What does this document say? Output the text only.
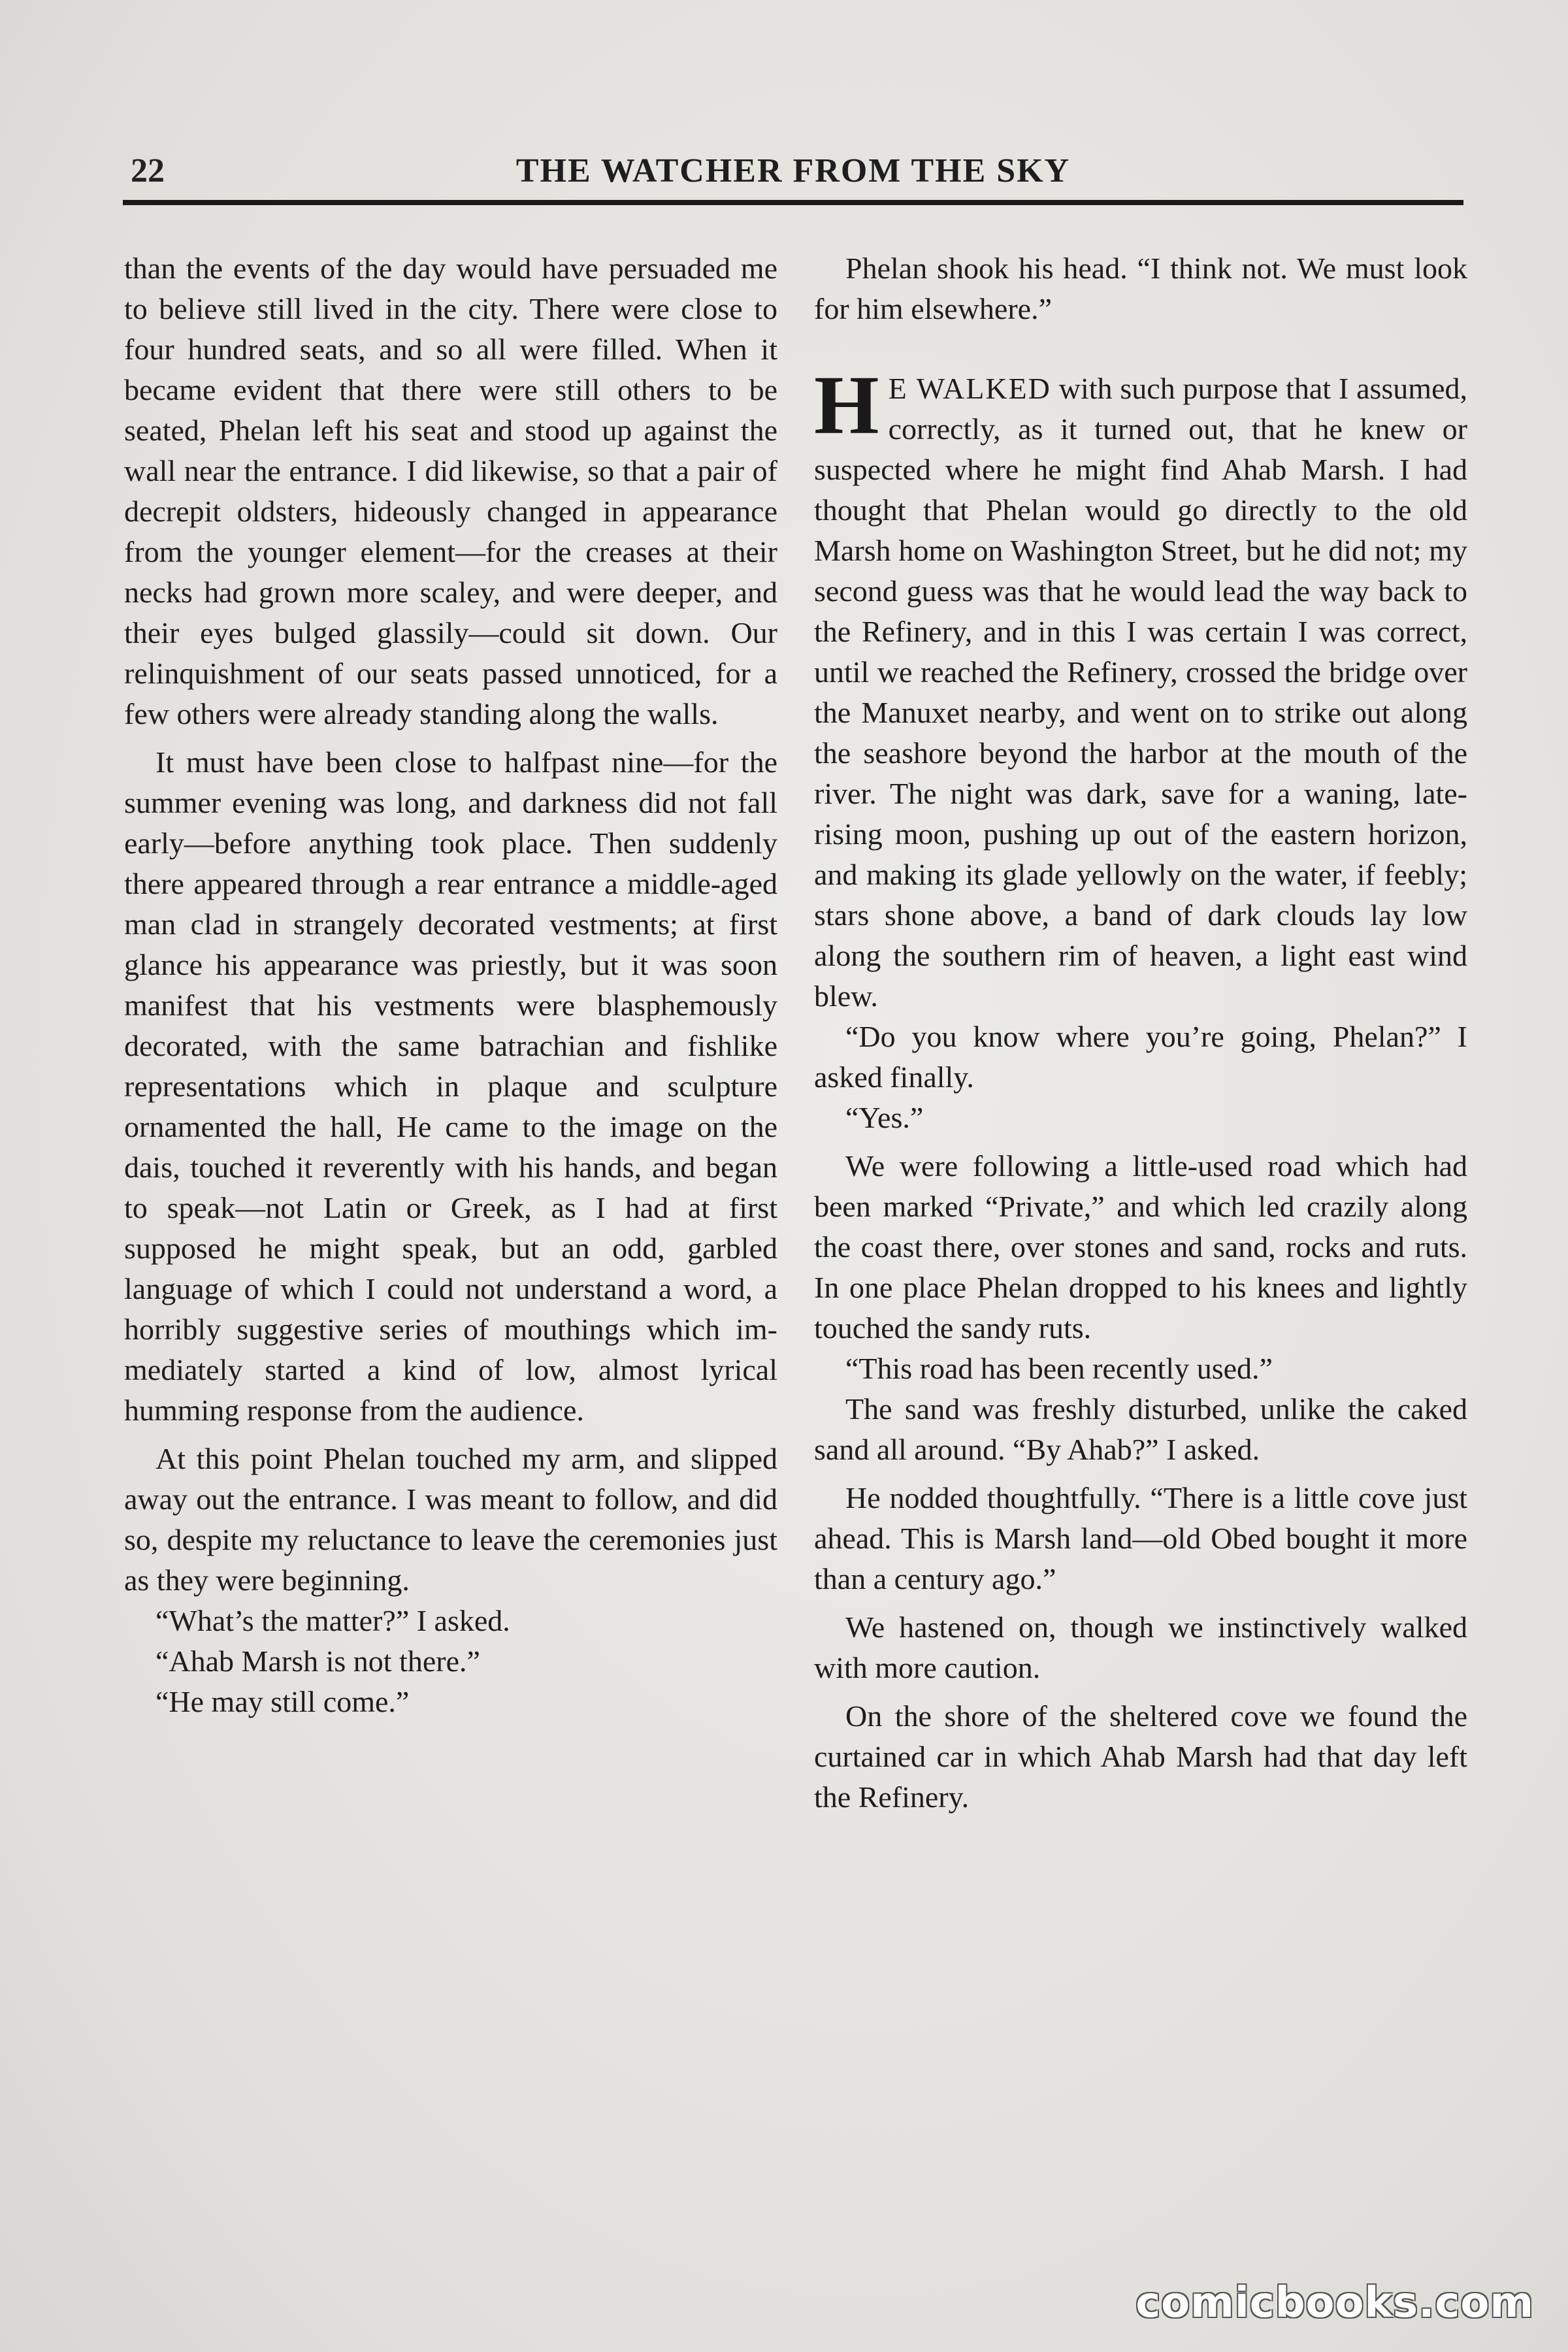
22	THE WATCHER FROM THE SKY

than the events of the day would have persuaded me to believe still lived in the city. There were close to four hundred seats, and so all were filled. When it became evident that there were still others to be seated, Phelan left his seat and stood up against the wall near the entrance. I did likewise, so that a pair of decrepit oldsters, hideously changed in appearance from the younger element—for the creases at their necks had grown more scaley, and were deeper, and their eyes bulged glassily—could sit down. Our relinquishment of our seats passed unnoticed, for a few others were already standing along the walls.

It must have been close to halfpast nine—for the summer evening was long, and darkness did not fall early—before anything took place. Then suddenly there appeared through a rear entrance a middle-aged man clad in strangely decorated vestments; at first glance his appearance was priestly, but it was soon manifest that his vestments were blasphemously decorated, with the same batrachian and fishlike representations which in plaque and sculpture ornamented the hall, He came to the image on the dais, touched it reverently with his hands, and began to speak—not Latin or Greek, as I had at first supposed he might speak, but an odd, garbled language of which I could not understand a word, a horribly suggestive series of mouthings which immediately started a kind of low, almost lyrical humming response from the audience.

At this point Phelan touched my arm, and slipped away out the entrance. I was meant to follow, and did so, despite my reluctance to leave the ceremonies just as they were beginning.

“What’s the matter?” I asked.

“Ahab Marsh is not there.”

“He may still come.”

Phelan shook his head. “I think not. We must look for him elsewhere.”

H E WALKED with such purpose that I assumed, correctly, as it turned out, that he knew or suspected where he might find Ahab Marsh. I had thought that Phelan would go directly to the old Marsh home on Washington Street, but he did not; my second guess was that he would lead the way back to the Refinery, and in this I was certain I was correct, until we reached the Refinery, crossed the bridge over the Manuxet nearby, and went on to strike out along the seashore beyond the harbor at the mouth of the river. The night was dark, save for a waning, late-rising moon, pushing up out of the eastern horizon, and making its glade yellowly on the water, if feebly; stars shone above, a band of dark clouds lay low along the southern rim of heaven, a light east wind blew.

“Do you know where you’re going, Phelan?” I asked finally.

“Yes.”

We were following a little-used road which had been marked “Private,” and which led crazily along the coast there, over stones and sand, rocks and ruts. In one place Phelan dropped to his knees and lightly touched the sandy ruts.

“This road has been recently used.”

The sand was freshly disturbed, unlike the caked sand all around. “By Ahab?” I asked.

He nodded thoughtfully. “There is a little cove just ahead. This is Marsh land—old Obed bought it more than a century ago.”

We hastened on, though we instinctively walked with more caution.

On the shore of the sheltered cove we found the curtained car in which Ahab Marsh had that day left the Refinery.

comicbooks.com
